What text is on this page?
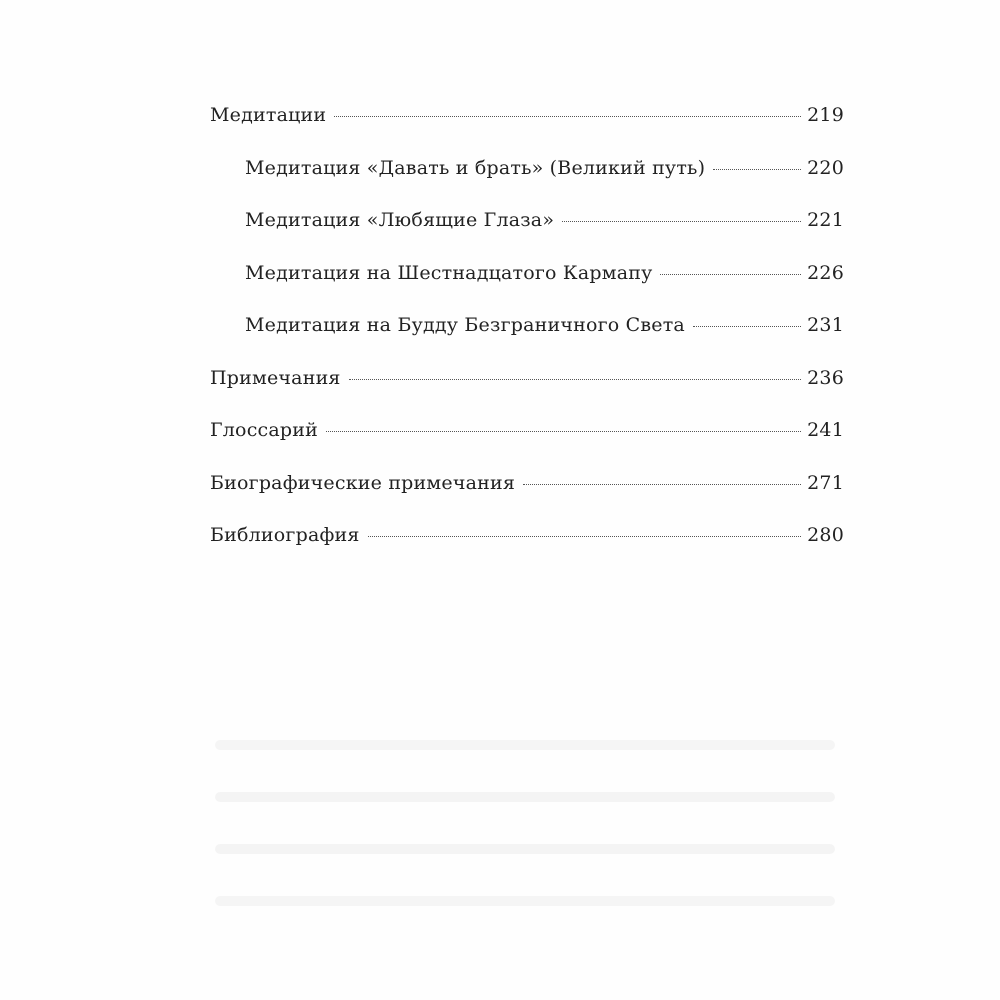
Медитации	219
Медитация «Давать и брать» (Великий путь)	220
Медитация «Любящие Глаза»	221
Медитация на Шестнадцатого Кармапу	226
Медитация на Будду Безграничного Света	231
Примечания	236
Глоссарий	241
Биографические примечания	271
Библиография	280
